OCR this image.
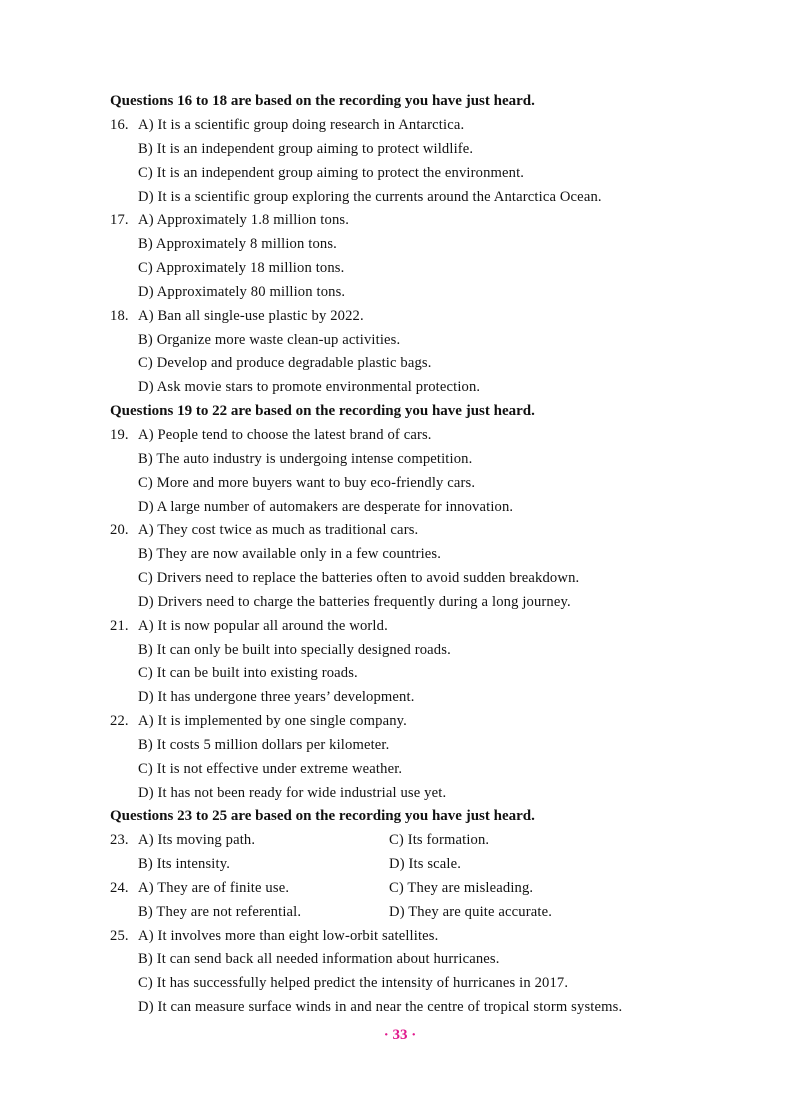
Questions 16 to 18 are based on the recording you have just heard.
16. A) It is a scientific group doing research in Antarctica.
B) It is an independent group aiming to protect wildlife.
C) It is an independent group aiming to protect the environment.
D) It is a scientific group exploring the currents around the Antarctica Ocean.
17. A) Approximately 1.8 million tons.
B) Approximately 8 million tons.
C) Approximately 18 million tons.
D) Approximately 80 million tons.
18. A) Ban all single-use plastic by 2022.
B) Organize more waste clean-up activities.
C) Develop and produce degradable plastic bags.
D) Ask movie stars to promote environmental protection.
Questions 19 to 22 are based on the recording you have just heard.
19. A) People tend to choose the latest brand of cars.
B) The auto industry is undergoing intense competition.
C) More and more buyers want to buy eco-friendly cars.
D) A large number of automakers are desperate for innovation.
20. A) They cost twice as much as traditional cars.
B) They are now available only in a few countries.
C) Drivers need to replace the batteries often to avoid sudden breakdown.
D) Drivers need to charge the batteries frequently during a long journey.
21. A) It is now popular all around the world.
B) It can only be built into specially designed roads.
C) It can be built into existing roads.
D) It has undergone three years’ development.
22. A) It is implemented by one single company.
B) It costs 5 million dollars per kilometer.
C) It is not effective under extreme weather.
D) It has not been ready for wide industrial use yet.
Questions 23 to 25 are based on the recording you have just heard.
23. A) Its moving path.	C) Its formation.
B) Its intensity.	D) Its scale.
24. A) They are of finite use.	C) They are misleading.
B) They are not referential.	D) They are quite accurate.
25. A) It involves more than eight low-orbit satellites.
B) It can send back all needed information about hurricanes.
C) It has successfully helped predict the intensity of hurricanes in 2017.
D) It can measure surface winds in and near the centre of tropical storm systems.
· 33 ·
